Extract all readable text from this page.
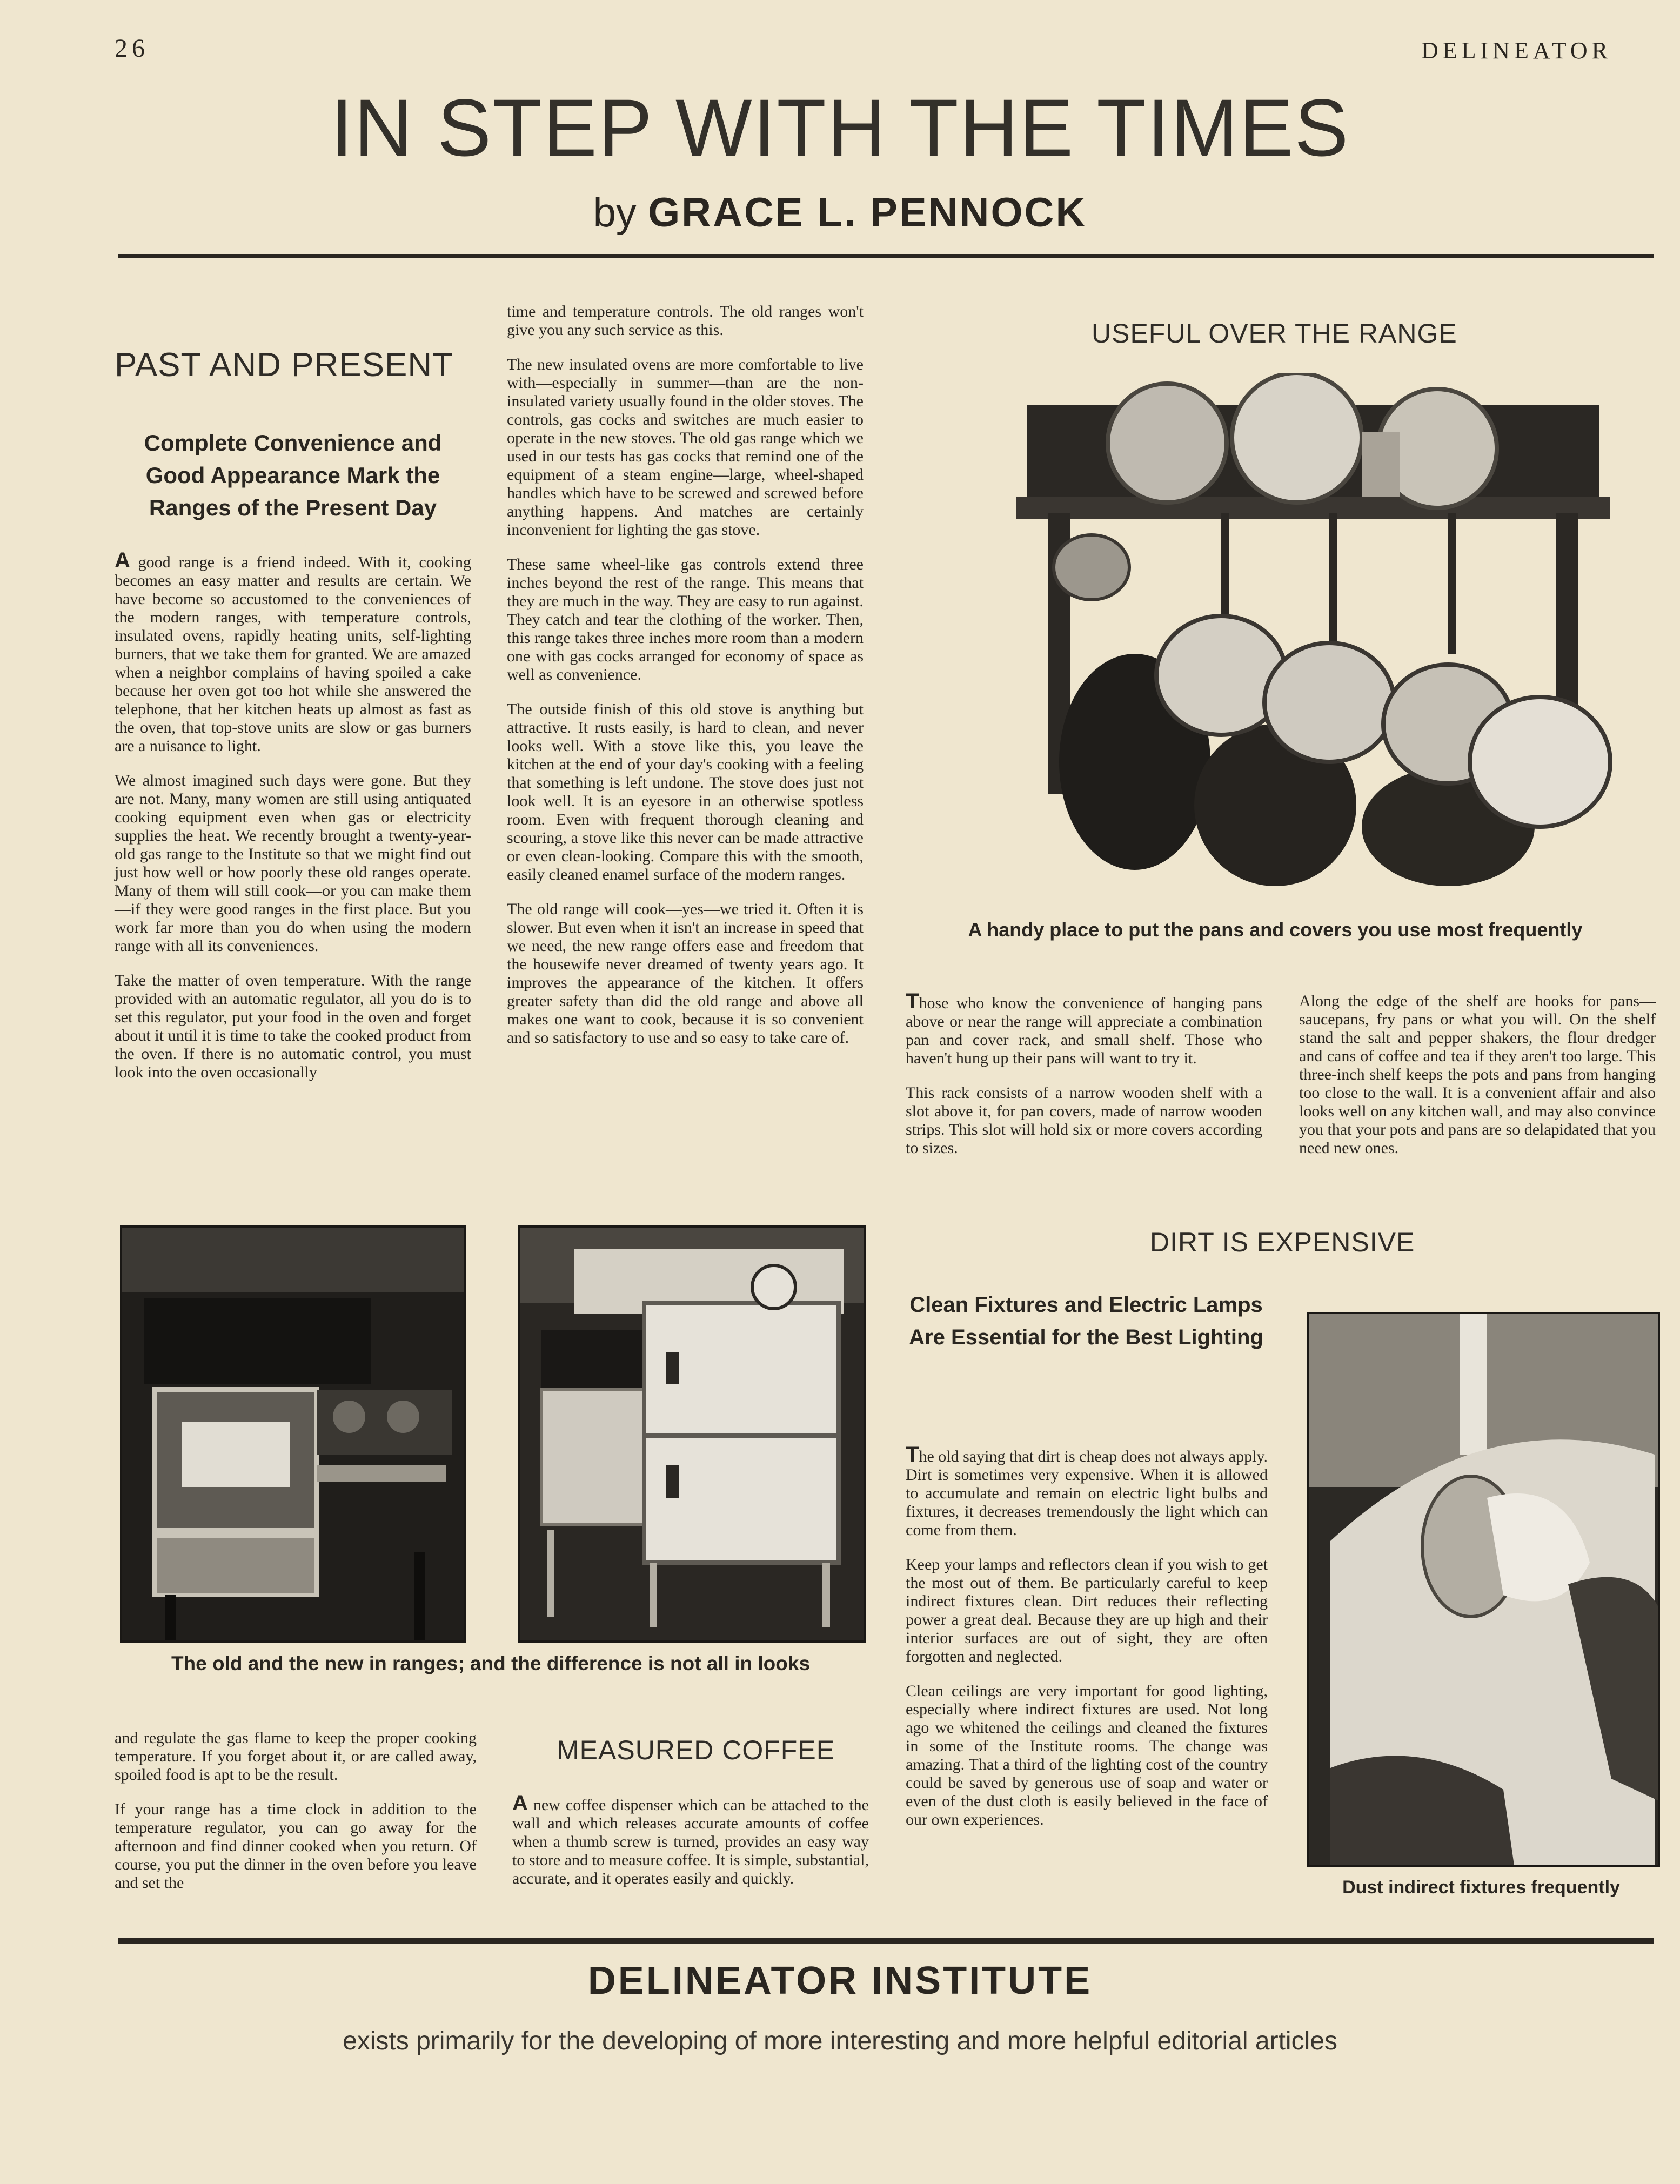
26	DELINEATOR
IN STEP WITH THE TIMES
by GRACE L. PENNOCK
PAST AND PRESENT
Complete Convenience and Good Appearance Mark the Ranges of the Present Day

A good range is a friend indeed. With it, cooking becomes an easy matter and results are certain. We have become so accustomed to the conveniences of the modern ranges, with temperature controls, insulated ovens, rapidly heating units, self-lighting burners, that we take them for granted. We are amazed when a neighbor complains of having spoiled a cake because her oven got too hot while she answered the telephone, that her kitchen heats up almost as fast as the oven, that top-stove units are slow or gas burners are a nuisance to light.

We almost imagined such days were gone. But they are not. Many, many women are still using antiquated cooking equipment even when gas or electricity supplies the heat. We recently brought a twenty-year-old gas range to the Institute so that we might find out just how well or how poorly these old ranges operate. Many of them will still cook—or you can make them—if they were good ranges in the first place. But you work far more than you do when using the modern range with all its conveniences.

Take the matter of oven temperature. With the range provided with an automatic regulator, all you do is to set this regulator, put your food in the oven and forget about it until it is time to take the cooked product from the oven. If there is no automatic control, you must look into the oven occasionally

time and temperature controls. The old ranges won't give you any such service as this.

The new insulated ovens are more comfortable to live with—especially in summer—than are the non-insulated variety usually found in the older stoves. The controls, gas cocks and switches are much easier to operate in the new stoves. The old gas range which we used in our tests has gas cocks that remind one of the equipment of a steam engine—large, wheel-shaped handles which have to be screwed and screwed before anything happens. And matches are certainly inconvenient for lighting the gas stove.

These same wheel-like gas controls extend three inches beyond the rest of the range. This means that they are much in the way. They are easy to run against. They catch and tear the clothing of the worker. Then, this range takes three inches more room than a modern one with gas cocks arranged for economy of space as well as convenience.

The outside finish of this old stove is anything but attractive. It rusts easily, is hard to clean, and never looks well. With a stove like this, you leave the kitchen at the end of your day's cooking with a feeling that something is left undone. The stove does just not look well. It is an eyesore in an otherwise spotless room. Even with frequent thorough cleaning and scouring, a stove like this never can be made attractive or even clean-looking. Compare this with the smooth, easily cleaned enamel surface of the modern ranges.

The old range will cook—yes—we tried it. Often it is slower. But even when it isn't an increase in speed that we need, the new range offers ease and freedom that the housewife never dreamed of twenty years ago. It improves the appearance of the kitchen. It offers greater safety than did the old range and above all makes one want to cook, because it is so convenient and so satisfactory to use and so easy to take care of.

USEFUL OVER THE RANGE
A handy place to put the pans and covers you use most frequently

Those who know the convenience of hanging pans above or near the range will appreciate a combination pan and cover rack, and small shelf. Those who haven't hung up their pans will want to try it.

This rack consists of a narrow wooden shelf with a slot above it, for pan covers, made of narrow wooden strips. This slot will hold six or more covers according to sizes.

Along the edge of the shelf are hooks for pans—saucepans, fry pans or what you will. On the shelf stand the salt and pepper shakers, the flour dredger and cans of coffee and tea if they aren't too large. This three-inch shelf keeps the pots and pans from hanging too close to the wall. It is a convenient affair and also looks well on any kitchen wall, and may also convince you that your pots and pans are so delapidated that you need new ones.

The old and the new in ranges; and the difference is not all in looks

and regulate the gas flame to keep the proper cooking temperature. If you forget about it, or are called away, spoiled food is apt to be the result.

If your range has a time clock in addition to the temperature regulator, you can go away for the afternoon and find dinner cooked when you return. Of course, you put the dinner in the oven before you leave and set the

MEASURED COFFEE

A new coffee dispenser which can be attached to the wall and which releases accurate amounts of coffee when a thumb screw is turned, provides an easy way to store and to measure coffee. It is simple, substantial, accurate, and it operates easily and quickly.

DIRT IS EXPENSIVE
Clean Fixtures and Electric Lamps Are Essential for the Best Lighting

The old saying that dirt is cheap does not always apply. Dirt is sometimes very expensive. When it is allowed to accumulate and remain on electric light bulbs and fixtures, it decreases tremendously the light which can come from them.

Keep your lamps and reflectors clean if you wish to get the most out of them. Be particularly careful to keep indirect fixtures clean. Dirt reduces their reflecting power a great deal. Because they are up high and their interior surfaces are out of sight, they are often forgotten and neglected.

Clean ceilings are very important for good lighting, especially where indirect fixtures are used. Not long ago we whitened the ceilings and cleaned the fixtures in some of the Institute rooms. The change was amazing. That a third of the lighting cost of the country could be saved by generous use of soap and water or even of the dust cloth is easily believed in the face of our own experiences.

Dust indirect fixtures frequently
DELINEATOR INSTITUTE
exists primarily for the developing of more interesting and more helpful editorial articles
